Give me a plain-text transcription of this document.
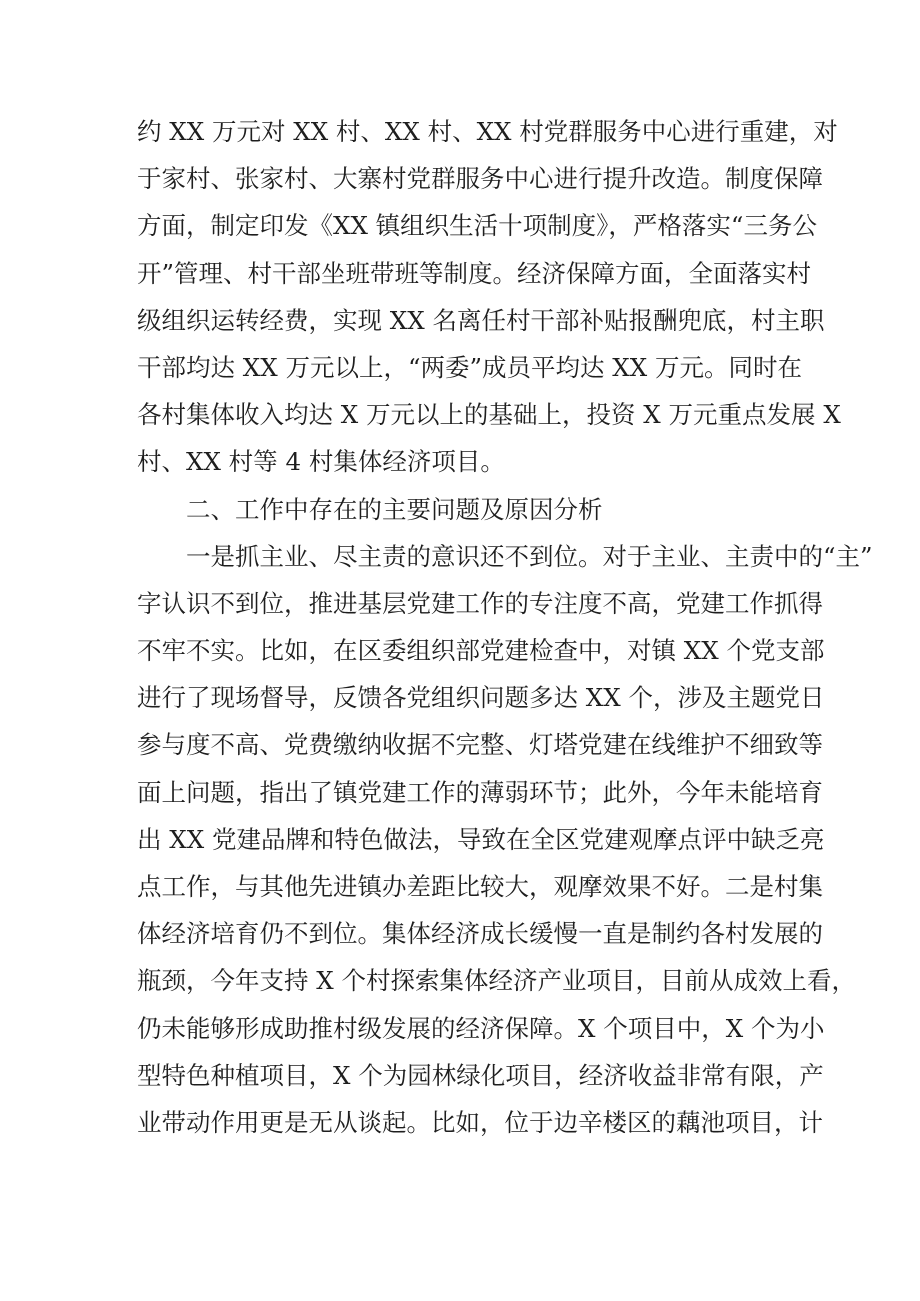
约 XX 万元对 XX 村、XX 村、XX 村党群服务中心进行重建，对
于家村、张家村、大寨村党群服务中心进行提升改造。制度保障
方面，制定印发《XX 镇组织生活十项制度》，严格落实“三务公
开”管理、村干部坐班带班等制度。经济保障方面，全面落实村
级组织运转经费，实现 XX 名离任村干部补贴报酬兜底，村主职
干部均达 XX 万元以上，“两委”成员平均达 XX 万元。同时在
各村集体收入均达 X 万元以上的基础上，投资 X 万元重点发展 X
村、XX 村等 4 村集体经济项目。
二、工作中存在的主要问题及原因分析
一是抓主业、尽主责的意识还不到位。对于主业、主责中的“主”
字认识不到位，推进基层党建工作的专注度不高，党建工作抓得
不牢不实。比如，在区委组织部党建检查中，对镇 XX 个党支部
进行了现场督导，反馈各党组织问题多达 XX 个，涉及主题党日
参与度不高、党费缴纳收据不完整、灯塔党建在线维护不细致等
面上问题，指出了镇党建工作的薄弱环节；此外，今年未能培育
出 XX 党建品牌和特色做法，导致在全区党建观摩点评中缺乏亮
点工作，与其他先进镇办差距比较大，观摩效果不好。二是村集
体经济培育仍不到位。集体经济成长缓慢一直是制约各村发展的
瓶颈，今年支持 X 个村探索集体经济产业项目，目前从成效上看，
仍未能够形成助推村级发展的经济保障。X 个项目中，X 个为小
型特色种植项目，X 个为园林绿化项目，经济收益非常有限，产
业带动作用更是无从谈起。比如，位于边辛楼区的藕池项目，计
